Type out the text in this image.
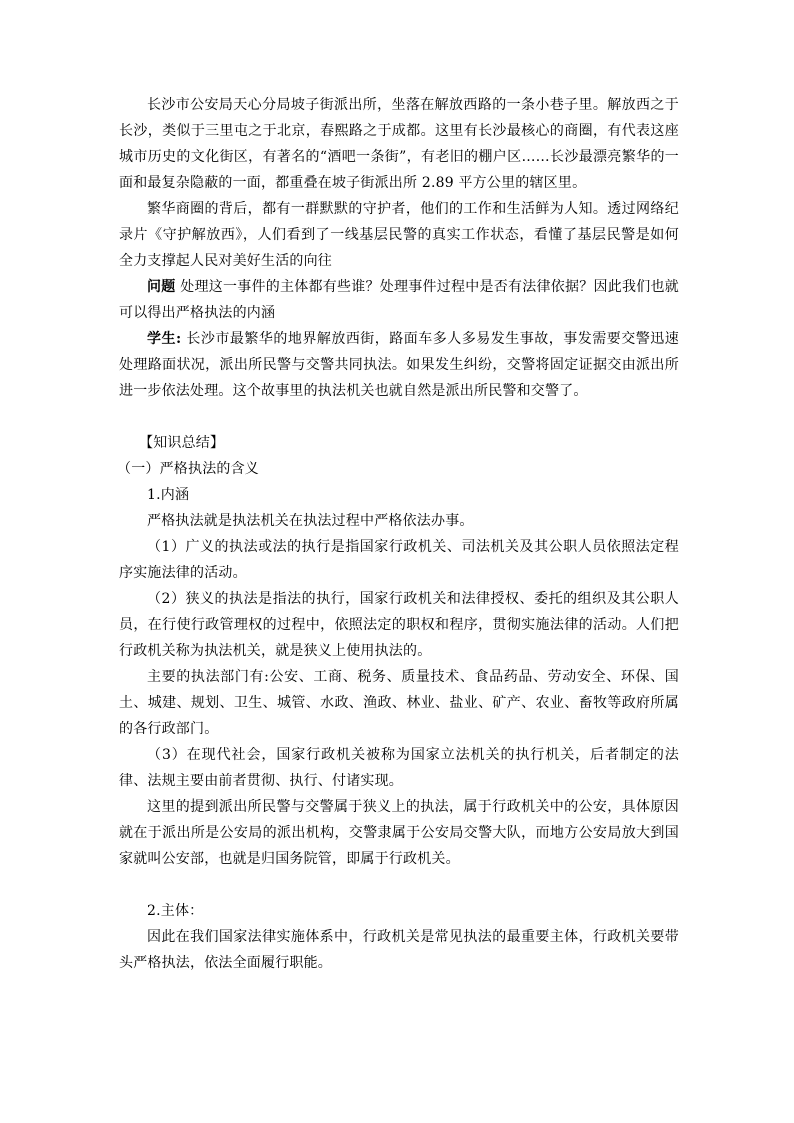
长沙市公安局天心分局坡子街派出所，坐落在解放西路的一条小巷子里。解放西之于长沙，类似于三里屯之于北京，春熙路之于成都。这里有长沙最核心的商圈，有代表这座城市历史的文化街区，有著名的“酒吧一条街”，有老旧的棚户区……长沙最漂亮繁华的一面和最复杂隐蔽的一面，都重叠在坡子街派出所 2.89 平方公里的辖区里。

繁华商圈的背后，都有一群默默的守护者，他们的工作和生活鲜为人知。透过网络纪录片《守护解放西》，人们看到了一线基层民警的真实工作状态，看懂了基层民警是如何全力支撑起人民对美好生活的向往

问题 处理这一事件的主体都有些谁？处理事件过程中是否有法律依据？因此我们也就可以得出严格执法的内涵

学生: 长沙市最繁华的地界解放西街，路面车多人多易发生事故，事发需要交警迅速处理路面状况，派出所民警与交警共同执法。如果发生纠纷，交警将固定证据交由派出所进一步依法处理。这个故事里的执法机关也就自然是派出所民警和交警了。

【知识总结】

（一）严格执法的含义

1.内涵

严格执法就是执法机关在执法过程中严格依法办事。

（1）广义的执法或法的执行是指国家行政机关、司法机关及其公职人员依照法定程序实施法律的活动。

（2）狭义的执法是指法的执行，国家行政机关和法律授权、委托的组织及其公职人员，在行使行政管理权的过程中，依照法定的职权和程序，贯彻实施法律的活动。人们把行政机关称为执法机关，就是狭义上使用执法的。

主要的执法部门有:公安、工商、税务、质量技术、食品药品、劳动安全、环保、国土、城建、规划、卫生、城管、水政、渔政、林业、盐业、矿产、农业、畜牧等政府所属的各行政部门。

（3）在现代社会，国家行政机关被称为国家立法机关的执行机关，后者制定的法律、法规主要由前者贯彻、执行、付诸实现。

这里的提到派出所民警与交警属于狭义上的执法，属于行政机关中的公安，具体原因就在于派出所是公安局的派出机构，交警隶属于公安局交警大队，而地方公安局放大到国家就叫公安部，也就是归国务院管，即属于行政机关。

2.主体：

因此在我们国家法律实施体系中，行政机关是常见执法的最重要主体，行政机关要带头严格执法，依法全面履行职能。
